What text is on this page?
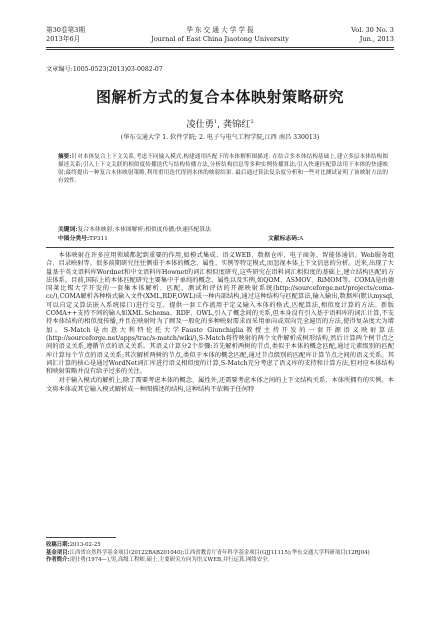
第30卷第3期	华 东 交 通 大 学 学 报	Vol. 30 No. 3
2013年6月	Journal of East China Jiaotong University	Jun., 2013
文章编号:1005-0523(2013)03-0082-07
图解析方式的复合本体映射策略研究
凌仕勇$^1$, 龚锦红$^2$
(华东交通大学 1. 软件学院; 2. 电子与电气工程学院,江西 南昌 330013)
摘要:针对本体复合上下文关系,考虑不同输入模式,构建通用匹配下的本体解析图描述. 在结合多本体结构基础上,建立多层本体结构图描述关系;引入上下文关联的相似度传播迭代与结构传播方法,分析结构信息等多种实例传播算法;引入快速匹配算法用于本体的快速映射;最终提出一种复合本体映射策略,利用重用迭代得到本体的映射结果. 最后通过算法复杂度分析和一些对比测试证明了该映射方法的有效性.
关键词:复合本体映射;本体图解析;相似度传播;快速匹配算法
中图分类号:TP311	文献标志码:A

本体映射在许多应用领域都起到重要的作用,如模式集成、语义WEB、数据仓库、电子商务、智能体通信、Web服务组合、目录映射等。很多前期研究往往侧重于本体的概念、属性、实例等特定模式,而忽视本体上下文信息的分析。近来,出现了大量基于英文语料库Wordnet和中文语料库Hownet的词汇相似度研究,这些研究在语料词汇相似度的基础上,建立结构匹配的方法体系。目前,国际上的本体匹配研究主要集中于单纯的概念、属性以及实例,如QOM、ASMOV、RiMOM等。COMA是由德国莱比锡大学开发的一套集本体解析、匹配、测试和评估的开源映射系统(http://sourceforge.net/projects/coma-cc/),COMA解析各种格式输入文件(XML,RDF,OWL)成一种内部结构,通过这种结构与匹配算法,输入输出,数据库(默认mysql,可以自定义算法嵌入系统接口)进行交互。提供一套工作流用于定义输入本体的格式,匹配算法,相似度计算的方法。新版COMA++支持不同的输入如XML Schema、RDF、OWL,引入了概念间的关系,但本身没有引入基于语料库的词汇计算,不支持本体结构的相似度传播,并且在映射时为了顾及一般化的多种映射需求而采用单向或双向完全遍历的方法,使得复杂度大为增加。S-Match是由意大利特伦托大学Fausto Giunchiglia教授主持开发的一套开源语义映射算法(http://sourceforge.net/apps/trac/s-match/wiki/),S-Match将待映射的两个文件解析成树形结构,然后计算两个树节点之间的语义关系,遵循节点的语义关系。其语义计算分2个步骤:首先解析两树的节点,类似于本体的概念匹配,通过元素级别的匹配库计算每个节点的语义关系;其次解析两树的节点,类似于本体的概念匹配,通过节点级别的匹配库计算节点之间的语义关系。其词汇计算的核心是通过WordNet词汇库进行语义相似度的计算,S-Match充分考虑了语义库的支持和计算方法,但对应本体结构和映射策略并没有给予过多的关注。

对于输入模式的解析上,除了需要考虑本体的概念、属性外,还需要考虑本体之间的上下文结构关系、本体所拥有的实例。本文将本体或其它输入模式解析成一种图描述的结构,这种结构不依赖于任何特

收稿日期:2013-02-25

基金项目:江西省自然科学基金项目(20122BAB201040);江西省教育厅青年科学基金项目(GJJ11115);华东交通大学科研项目(12RJ04)

作者简介:凌仕勇(1974—),男,高级工程师,硕士,主要研究方向为语义WEB,并行运算,网络安全。
